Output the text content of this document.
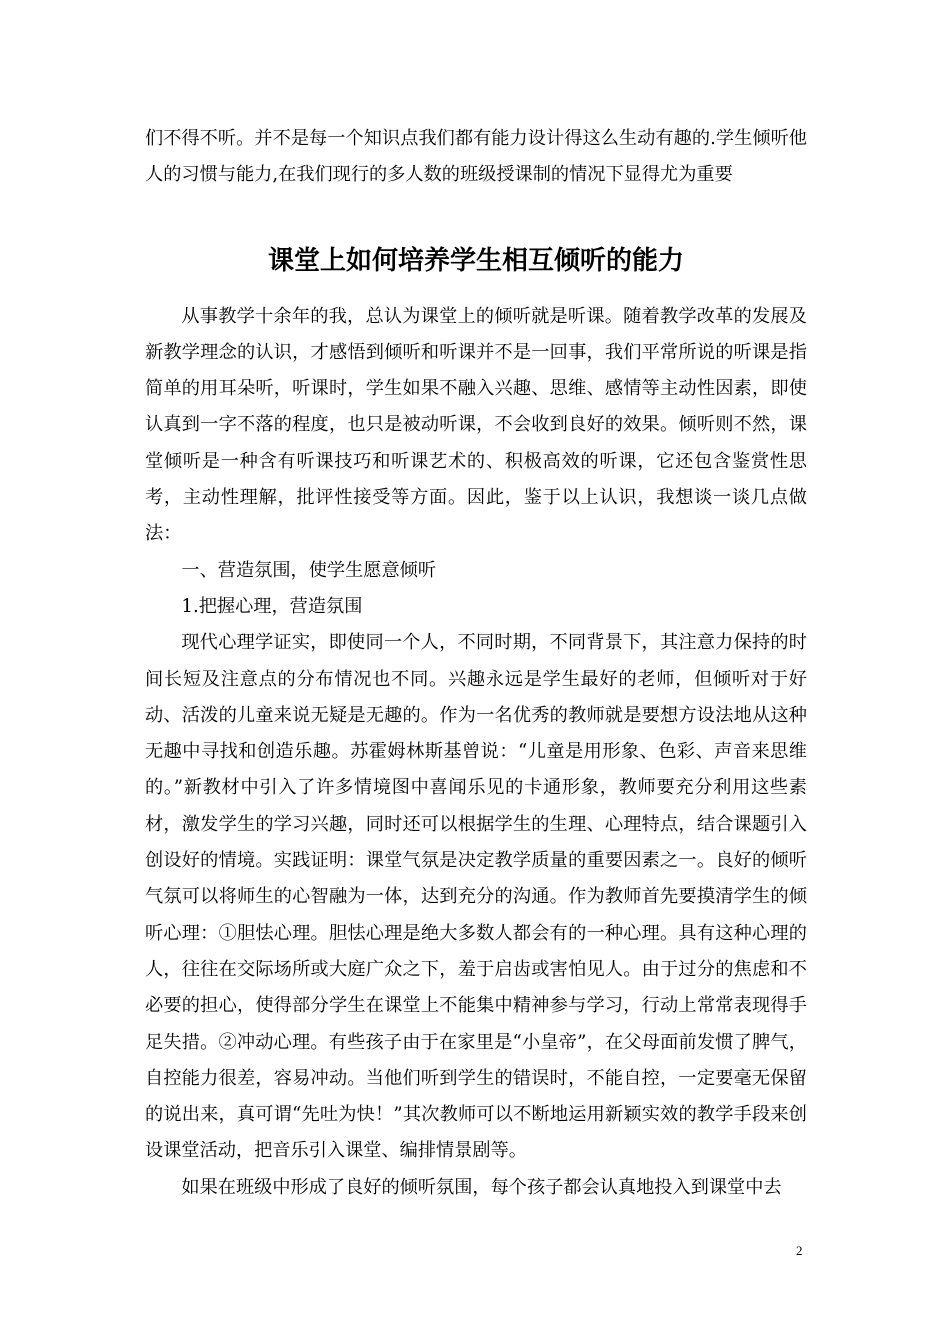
们不得不听。并不是每一个知识点我们都有能力设计得这么生动有趣的.学生倾听他人的习惯与能力,在我们现行的多人数的班级授课制的情况下显得尤为重要

课堂上如何培养学生相互倾听的能力

从事教学十余年的我，总认为课堂上的倾听就是听课。随着教学改革的发展及新教学理念的认识，才感悟到倾听和听课并不是一回事，我们平常所说的听课是指简单的用耳朵听，听课时，学生如果不融入兴趣、思维、感情等主动性因素，即使认真到一字不落的程度，也只是被动听课，不会收到良好的效果。倾听则不然，课堂倾听是一种含有听课技巧和听课艺术的、积极高效的听课，它还包含鉴赏性思考，主动性理解，批评性接受等方面。因此，鉴于以上认识，我想谈一谈几点做法：

一、营造氛围，使学生愿意倾听

1.把握心理，营造氛围

现代心理学证实，即使同一个人，不同时期，不同背景下，其注意力保持的时间长短及注意点的分布情况也不同。兴趣永远是学生最好的老师，但倾听对于好动、活泼的儿童来说无疑是无趣的。作为一名优秀的教师就是要想方设法地从这种无趣中寻找和创造乐趣。苏霍姆林斯基曾说：“儿童是用形象、色彩、声音来思维的。”新教材中引入了许多情境图中喜闻乐见的卡通形象，教师要充分利用这些素材，激发学生的学习兴趣，同时还可以根据学生的生理、心理特点，结合课题引入创设好的情境。实践证明：课堂气氛是决定教学质量的重要因素之一。良好的倾听气氛可以将师生的心智融为一体，达到充分的沟通。作为教师首先要摸清学生的倾听心理：①胆怯心理。胆怯心理是绝大多数人都会有的一种心理。具有这种心理的人，往往在交际场所或大庭广众之下，羞于启齿或害怕见人。由于过分的焦虑和不必要的担心，使得部分学生在课堂上不能集中精神参与学习，行动上常常表现得手足失措。②冲动心理。有些孩子由于在家里是“小皇帝”，在父母面前发惯了脾气，自控能力很差，容易冲动。当他们听到学生的错误时，不能自控，一定要毫无保留的说出来，真可谓“先吐为快！”其次教师可以不断地运用新颖实效的教学手段来创设课堂活动，把音乐引入课堂、编排情景剧等。

如果在班级中形成了良好的倾听氛围，每个孩子都会认真地投入到课堂中去

2
